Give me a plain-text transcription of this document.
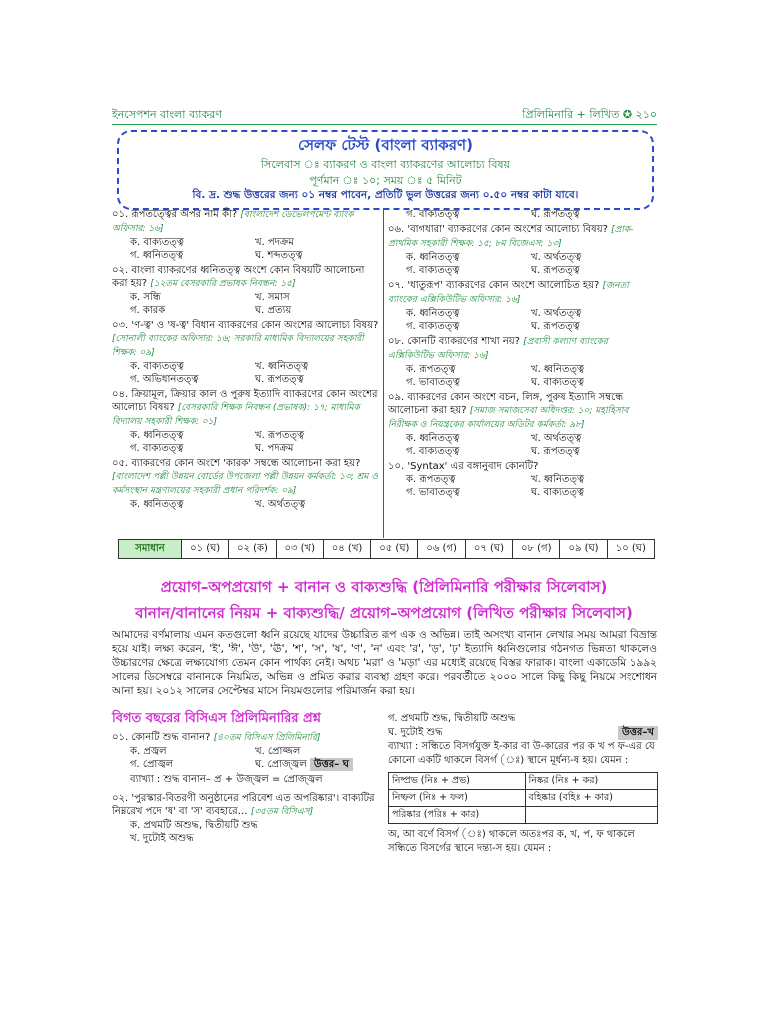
ইনসেপশন বাংলা ব্যাকরণ	প্রিলিমিনারি + লিখিত ✪ ২১০
সেলফ টেস্ট (বাংলা ব্যাকরণ)
সিলেবাস ঃ ব্যাকরণ ও বাংলা ব্যাকরণের আলোচ্য বিষয়
পূর্ণমান ঃ ১০; সময় ঃ ৫ মিনিট
বি. দ্র. শুদ্ধ উত্তরের জন্য ০১ নম্বর পাবেন, প্রতিটি ভুল উত্তরের জন্য ০.৫০ নম্বর কাটা যাবে।
০১. রূপতত্ত্বের অপর নাম কী? [বাংলাদেশ ডেভেলপমেন্ট ব্যাংক অফিসার: ১৬]
ক. বাক্যতত্ত্ব	খ. পদক্রম
গ. ধ্বনিতত্ত্ব	ঘ. শব্দতত্ত্ব
০২. বাংলা ব্যাকরণের ধ্বনিতত্ত্ব অংশে কোন বিষয়টি আলোচনা করা হয়? [১২তম বেসরকারি প্রভাষক নিবন্ধন: ১৫]
ক. সন্ধি	খ. সমাস
গ. কারক	ঘ. প্রত্যয়
০৩. 'ণ-ত্ব' ও 'ষ-ত্ব' বিধান ব্যাকরণের কোন অংশের আলোচ্য বিষয়? [সোনালী ব্যাংকের অফিসার: ১৬; সরকারি মাধ্যমিক বিদ্যালয়ের সহকারী শিক্ষক: ০৯]
ক. বাক্যতত্ত্ব	খ. ধ্বনিতত্ত্ব
গ. অভিধানতত্ত্ব	ঘ. রূপতত্ত্ব
০৪. ক্রিয়ামূল, ক্রিয়ার কাল ও পুরুষ ইত্যাদি ব্যাকরণের কোন অংশের আলোচ্য বিষয়? [বেসরকারি শিক্ষক নিবন্ধন (প্রভাষক): ১৭; মাধ্যমিক বিদ্যালয় সহকারী শিক্ষক: ০১]
ক. ধ্বনিতত্ত্ব	খ. রূপতত্ত্ব
গ. বাক্যতত্ত্ব	ঘ. পদক্রম
০৫. ব্যাকরণের কোন অংশে 'কারক' সম্বন্ধে আলোচনা করা হয়? [বাংলাদেশ পল্লী উন্নয়ন বোর্ডের উপজেলা পল্লী উন্নয়ন কর্মকর্তা: ১৩; শ্রম ও কর্মসংস্থান মন্ত্রণালয়ের সহকারী প্রধান পরিদর্শক: ০৯]
ক. ধ্বনিতত্ত্ব	খ. অর্থতত্ত্ব
গ. বাক্যতত্ত্ব	ঘ. রূপতত্ত্ব
০৬. 'বাগধারা' ব্যাকরণের কোন অংশের আলোচ্য বিষয়? [প্রাক-প্রাথমিক সহকারী শিক্ষক: ১৫; ৮ম বিজেএস: ১৩]
ক. ধ্বনিতত্ত্ব	খ. অর্থতত্ত্ব
গ. বাক্যতত্ত্ব	ঘ. রূপতত্ত্ব
০৭. 'ধাতুরূপ' ব্যাকরণের কোন অংশে আলোচিত হয়? [জনতা ব্যাংকের এক্সিকিউটিভ অফিসার: ১৬]
ক. ধ্বনিতত্ত্ব	খ. অর্থতত্ত্ব
গ. বাক্যতত্ত্ব	ঘ. রূপতত্ত্ব
০৮. কোনটি ব্যাকরণের শাখা নয়? [প্রবাসী কল্যাণ ব্যাংকের এক্সিকিউটিভ অফিসার: ১৬]
ক. রূপতত্ত্ব	খ. ধ্বনিতত্ত্ব
গ. ভাবাতত্ত্ব	ঘ. বাক্যতত্ত্ব
০৯. ব্যাকরণের কোন অংশে বচন, লিঙ্গ, পুরুষ ইত্যাদি সম্বন্ধে আলোচনা করা হয়? [সমাজ সমাজসেবা অধিদপ্তর: ১০; মহাহিসাব নিরীক্ষক ও নিয়ন্ত্রকের কার্যালয়ের অডিটর কর্মকর্তা: ৯৮]
ক. ধ্বনিতত্ত্ব	খ. অর্থতত্ত্ব
গ. বাক্যতত্ত্ব	ঘ. রূপতত্ত্ব
১০. 'Syntax' এর বঙ্গানুবাদ কোনটি?
ক. রূপতত্ত্ব	খ. ধ্বনিতত্ত্ব
গ. ভাবাতত্ত্ব	ঘ. বাক্যতত্ত্ব
সমাধান	০১ (ঘ)	০২ (ক)	০৩ (খ)	০৪ (খ)	০৫ (ঘ)	০৬ (গ)	০৭ (ঘ)	০৮ (গ)	০৯ (ঘ)	১০ (ঘ)
প্রয়োগ–অপপ্রয়োগ + বানান ও বাক্যশুদ্ধি (প্রিলিমিনারি পরীক্ষার সিলেবাস)
বানান/বানানের নিয়ম + বাক্যশুদ্ধি/ প্রয়োগ–অপপ্রয়োগ (লিখিত পরীক্ষার সিলেবাস)
আমাদের বর্ণমালায় এমন কতগুলো ধ্বনি রয়েছে যাদের উচ্চারিত রূপ এক ও অভিন্ন। তাই অসংখ্য বানান লেখার সময় আমরা বিভ্রান্ত হয়ে যাই। লক্ষ্য করেন, 'ই', 'ঈ', 'উ', 'ঊ', 'শ', 'স', 'ষ', 'ণ', 'ন' এবং 'র', 'ড়', 'ঢ়' ইত্যাদি ধ্বনিগুলোর গঠনগত ভিন্নতা থাকলেও উচ্চারণের ক্ষেত্রে লক্ষ্যযোগ্য তেমন কোন পার্থক্য নেই। অথচ 'মরা' ও 'মড়া' এর মধ্যেই রয়েছে বিস্তর ফারাক। বাংলা একাডেমি ১৯৯২ সালের ডিসেম্বরে বানানকে নিয়মিত, অভিন্ন ও প্রমিত করার ব্যবস্থা গ্রহণ করে। পরবর্তীতে ২০০০ সালে কিছু কিছু নিয়মে সংশোধন আনা হয়। ২০১২ সালের সেপ্টেম্বর মাসে নিয়মগুলোর পরিমার্জন করা হয়।
বিগত বছরের বিসিএস প্রিলিমিনারির প্রশ্ন
০১. কোনটি শুদ্ধ বানান? [৪০তম বিসিএস প্রিলিমিনারি]
ক. প্রজ্বল	খ. প্রোজ্জল
গ. প্রোজ্বল	ঘ. প্রোজ্জ্বল উত্তর– ঘ
ব্যাখ্যা : শুদ্ধ বানান– প্র + উজ্জ্বল = প্রোজ্জ্বল
০২. 'পুরস্কার-বিতরণী অনুষ্ঠানের পরিবেশ এত অপরিষ্কার'। বাক্যটির নিম্নরেখ পদে 'ষ' বা 'স' ব্যবহারে… [৩৫তম বিসিএস]
ক. প্রথমটি অশুদ্ধ, দ্বিতীয়টি শুদ্ধ
খ. দুটোই অশুদ্ধ
গ. প্রথমটি শুদ্ধ, দ্বিতীয়টি অশুদ্ধ
ঘ. দুটোই শুদ্ধ	উত্তর–খ
ব্যাখ্যা : সন্ধিতে বিসর্গযুক্ত ই-কার বা উ-কারের পর ক খ প ফ-এর যে কোনো একটি থাকলে বিসর্গ (ঃ) স্থানে মূর্ধন্য-ষ হয়। যেমন :
নিষ্প্রভ (নিঃ + প্রভ)	নিষ্কর (নিঃ + কর)
নিষ্ফল (নিঃ + ফল)	বহিষ্কার (বহিঃ + কার)
পরিষ্কার (পরিঃ + কার)	
অ, আ বর্ণে বিসর্গ (ঃ) থাকলে অতঃপর ক, খ, প, ফ থাকলে সন্ধিতে বিসর্গের স্থানে দন্ত্য-স হয়। যেমন :
